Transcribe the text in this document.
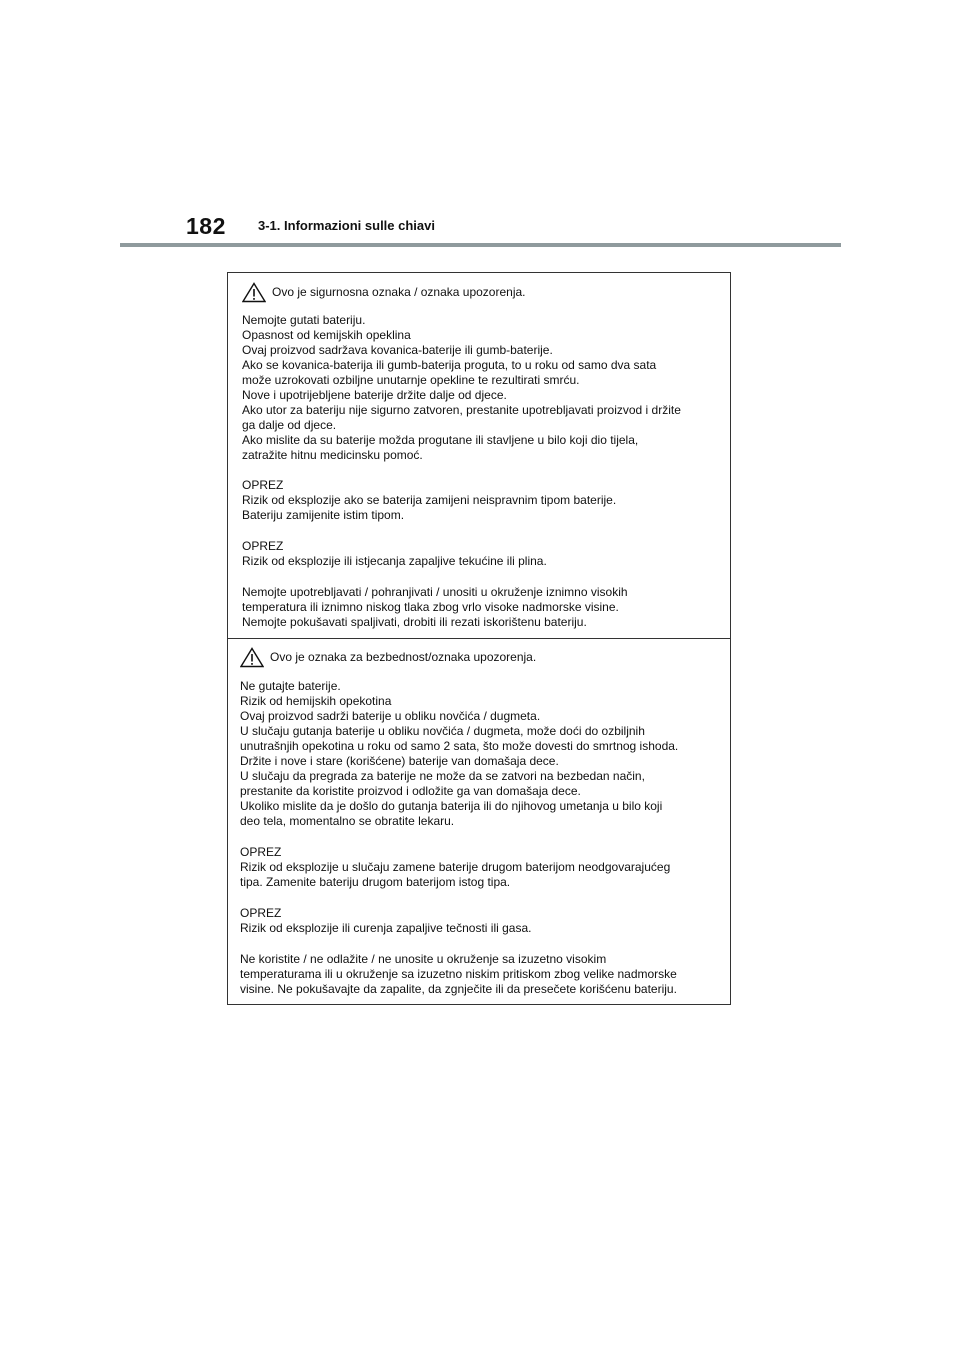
182 3-1. Informazioni sulle chiavi
Ovo je sigurnosna oznaka / oznaka upozorenja.

Nemojte gutati bateriju.
Opasnost od kemijskih opeklina
Ovaj proizvod sadržava kovanica-baterije ili gumb-baterije.
Ako se kovanica-baterija ili gumb-baterija proguta, to u roku od samo dva sata
može uzrokovati ozbiljne unutarnje opekline te rezultirati smrću.
Nove i upotrijebljene baterije držite dalje od djece.
Ako utor za bateriju nije sigurno zatvoren, prestanite upotrebljavati proizvod i držite
ga dalje od djece.
Ako mislite da su baterije možda progutane ili stavljene u bilo koji dio tijela,
zatražite hitnu medicinsku pomoć.

OPREZ
Rizik od eksplozije ako se baterija zamijeni neispravnim tipom baterije.
Bateriju zamijenite istim tipom.

OPREZ
Rizik od eksplozije ili istjecanja zapaljive tekućine ili plina.

Nemojte upotrebljavati / pohranjivati / unositi u okruženje iznimno visokih
temperatura ili iznimno niskog tlaka zbog vrlo visoke nadmorske visine.
Nemojte pokušavati spaljivati, drobiti ili rezati iskorištenu bateriju.

Ovo je oznaka za bezbednost/oznaka upozorenja.

Ne gutajte baterije.
Rizik od hemijskih opekotina
Ovaj proizvod sadrži baterije u obliku novčića / dugmeta.
U slučaju gutanja baterije u obliku novčića / dugmeta, može doći do ozbiljnih
unutrašnjih opekotina u roku od samo 2 sata, što može dovesti do smrtnog ishoda.
Držite i nove i stare (korišćene) baterije van domašaja dece.
U slučaju da pregrada za baterije ne može da se zatvori na bezbedan način,
prestanite da koristite proizvod i odložite ga van domašaja dece.
Ukoliko mislite da je došlo do gutanja baterija ili do njihovog umetanja u bilo koji
deo tela, momentalno se obratite lekaru.

OPREZ
Rizik od eksplozije u slučaju zamene baterije drugom baterijom neodgovarajućeg
tipa. Zamenite bateriju drugom baterijom istog tipa.

OPREZ
Rizik od eksplozije ili curenja zapaljive tečnosti ili gasa.

Ne koristite / ne odlažite / ne unosite u okruženje sa izuzetno visokim
temperaturama ili u okruženje sa izuzetno niskim pritiskom zbog velike nadmorske
visine. Ne pokušavajte da zapalite, da zgnječite ili da presečete korišćenu bateriju.
